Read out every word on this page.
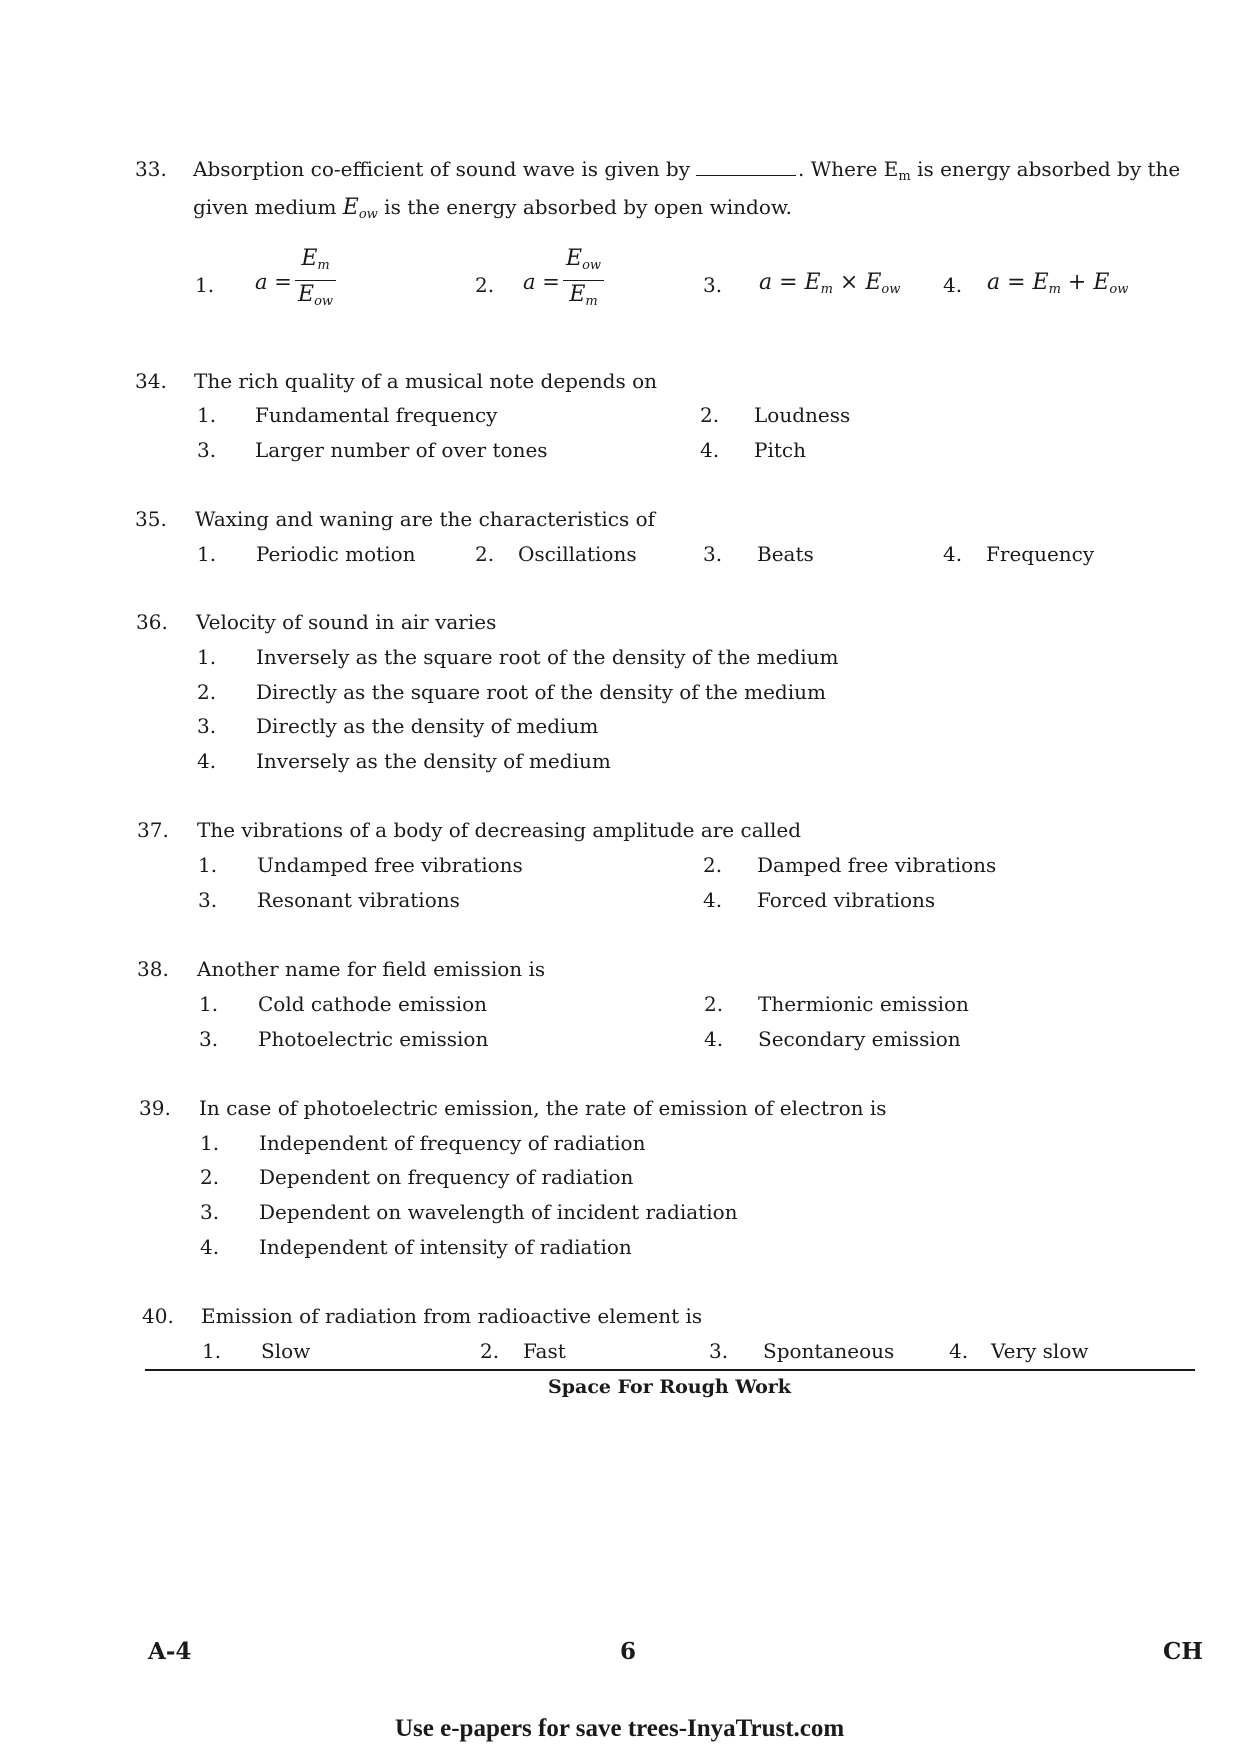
33.	Absorption co-efficient of sound wave is given by	. Where $E_m$ is energy absorbed by the
given medium $E_{ow}$ is the energy absorbed by open window.
1. a =
$E_m$
$E_{ow}$
2. a =
$E_{ow}$
$E_m$
3. $a = E_m \times E_{ow}$ 4. $a = E_m + E_{ow}$
34. The rich quality of a musical note depends on
1. Fundamental frequency	2. Loudness
3. Larger number of over tones	4. Pitch
35. Waxing and waning are the characteristics of
1. Periodic motion	2. Oscillations	3. Beats	4. Frequency
36. Velocity of sound in air varies
1. Inversely as the square root of the density of the medium
2. Directly as the square root of the density of the medium
3. Directly as the density of medium
4. Inversely as the density of medium
37. The vibrations of a body of decreasing amplitude are called
1. Undamped free vibrations	2. Damped free vibrations
3. Resonant vibrations	4. Forced vibrations
38. Another name for field emission is
1. Cold cathode emission	2. Thermionic emission
3. Photoelectric emission	4. Secondary emission
39. In case of photoelectric emission, the rate of emission of electron is
1. Independent of frequency of radiation
2. Dependent on frequency of radiation
3. Dependent on wavelength of incident radiation
4. Independent of intensity of radiation
40. Emission of radiation from radioactive element is
1. Slow	2. Fast	3. Spontaneous	4. Very slow
Space For Rough Work
A-4	6	CH
Use e-papers for save trees-InyaTrust.com
